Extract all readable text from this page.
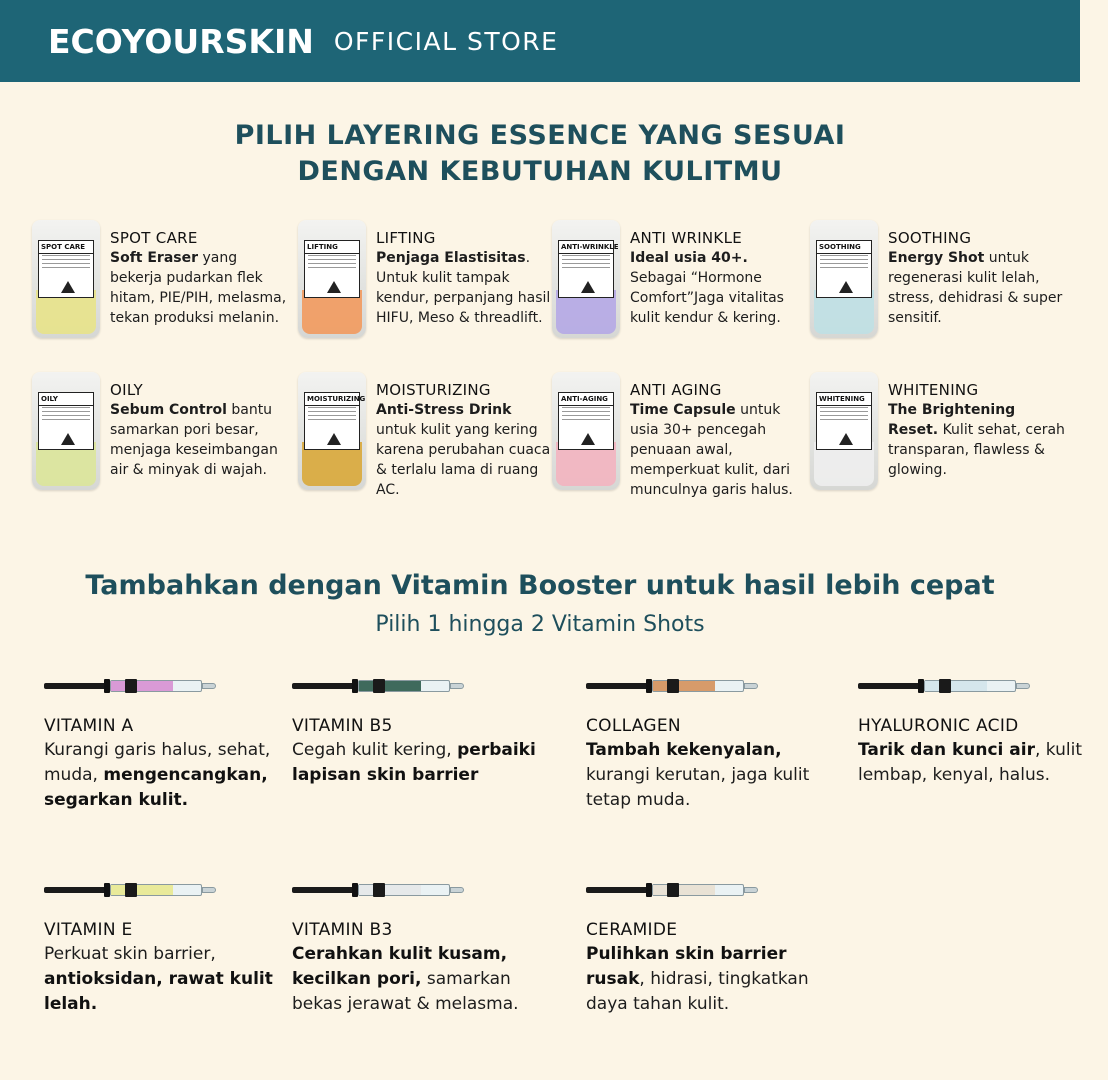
ECOYOURSKIN OFFICIAL STORE
PILIH LAYERING ESSENCE YANG SESUAI
DENGAN KEBUTUHAN KULITMU
SPOT CARE	SPOT CARE
Soft Eraser yang bekerja pudarkan flek hitam, PIE/PIH, melasma, tekan produksi melanin.
LIFTING	LIFTING
Penjaga Elastisitas. Untuk kulit tampak kendur, perpanjang hasil HIFU, Meso & threadlift.
ANTI-WRINKLE ANTI WRINKLE
Ideal usia 40+. Sebagai “Hormone Comfort”Jaga vitalitas kulit kendur & kering.
SOOTHING	SOOTHING
Energy Shot untuk regenerasi kulit lelah, stress, dehidrasi & super sensitif.
OILY	OILY
Sebum Control bantu samarkan pori besar, menjaga keseimbangan air & minyak di wajah.
MOISTURIZING MOISTURIZING
Anti-Stress Drink untuk kulit yang kering karena perubahan cuaca & terlalu lama di ruang AC.
ANTI-AGING	ANTI AGING
Time Capsule untuk usia 30+ pencegah penuaan awal, memperkuat kulit, dari munculnya garis halus.
WHITENING	WHITENING
The Brightening Reset. Kulit sehat, cerah transparan, flawless & glowing.
Tambahkan dengan Vitamin Booster untuk hasil lebih cepat
Pilih 1 hingga 2 Vitamin Shots
VITAMIN A
Kurangi garis halus, sehat, muda, mengencangkan, segarkan kulit.
VITAMIN B5
Cegah kulit kering, perbaiki lapisan skin barrier
COLLAGEN
Tambah kekenyalan, kurangi kerutan, jaga kulit tetap muda.
HYALURONIC ACID
Tarik dan kunci air, kulit lembap, kenyal, halus.
VITAMIN E
Perkuat skin barrier, antioksidan, rawat kulit lelah.
VITAMIN B3
Cerahkan kulit kusam, kecilkan pori, samarkan bekas jerawat & melasma.
CERAMIDE
Pulihkan skin barrier rusak, hidrasi, tingkatkan daya tahan kulit.
